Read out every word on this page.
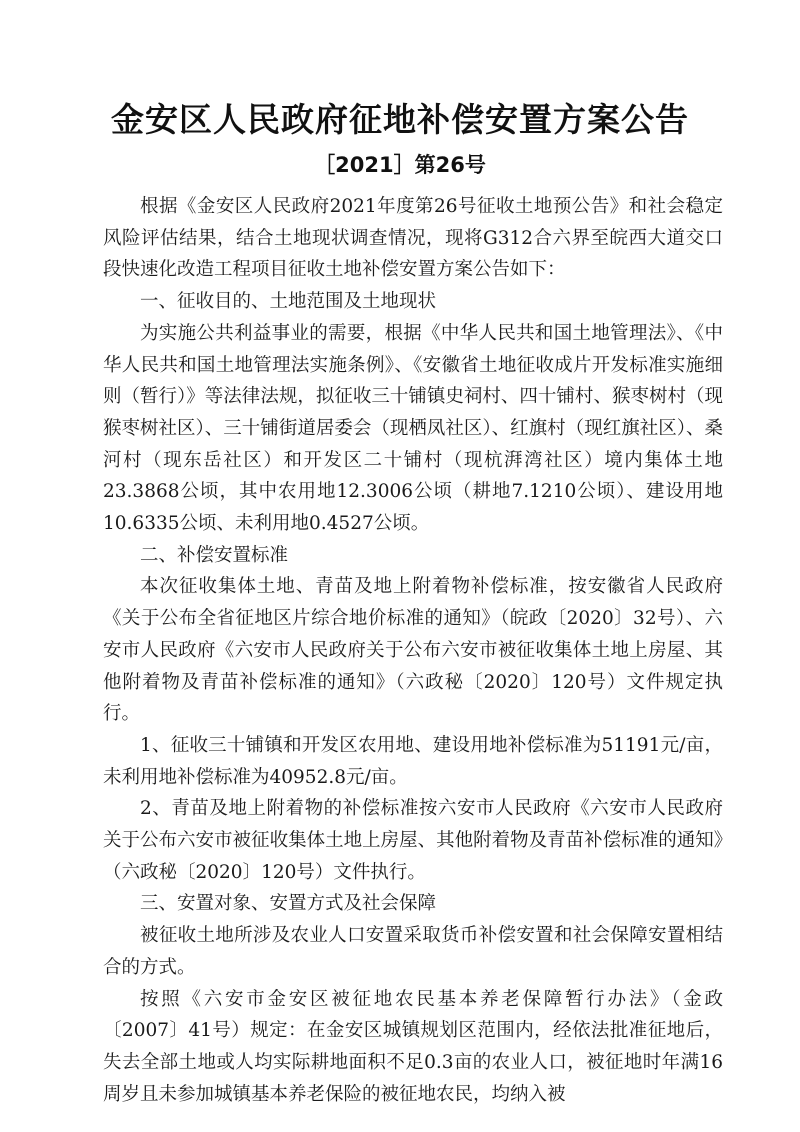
金安区人民政府征地补偿安置方案公告
［2021］第26号

根据《金安区人民政府2021年度第26号征收土地预公告》和社会稳定风险评估结果，结合土地现状调查情况，现将G312合六界至皖西大道交口段快速化改造工程项目征收土地补偿安置方案公告如下：

一、征收目的、土地范围及土地现状

为实施公共利益事业的需要，根据《中华人民共和国土地管理法》、《中华人民共和国土地管理法实施条例》、《安徽省土地征收成片开发标准实施细则（暂行）》等法律法规，拟征收三十铺镇史祠村、四十铺村、猴枣树村（现猴枣树社区）、三十铺街道居委会（现栖凤社区）、红旗村（现红旗社区）、桑河村（现东岳社区）和开发区二十铺村（现杭湃湾社区）境内集体土地23.3868公顷，其中农用地12.3006公顷（耕地7.1210公顷）、建设用地10.6335公顷、未利用地0.4527公顷。

二、补偿安置标准

本次征收集体土地、青苗及地上附着物补偿标准，按安徽省人民政府《关于公布全省征地区片综合地价标准的通知》（皖政〔2020〕32号）、六安市人民政府《六安市人民政府关于公布六安市被征收集体土地上房屋、其他附着物及青苗补偿标准的通知》（六政秘〔2020〕120号）文件规定执行。

1、征收三十铺镇和开发区农用地、建设用地补偿标准为51191元/亩，未利用地补偿标准为40952.8元/亩。

2、青苗及地上附着物的补偿标准按六安市人民政府《六安市人民政府关于公布六安市被征收集体土地上房屋、其他附着物及青苗补偿标准的通知》（六政秘〔2020〕120号）文件执行。

三、安置对象、安置方式及社会保障

被征收土地所涉及农业人口安置采取货币补偿安置和社会保障安置相结合的方式。

按照《六安市金安区被征地农民基本养老保障暂行办法》（金政〔2007〕41号）规定：在金安区城镇规划区范围内，经依法批准征地后，失去全部土地或人均实际耕地面积不足0.3亩的农业人口，被征地时年满16周岁且未参加城镇基本养老保险的被征地农民，均纳入被
